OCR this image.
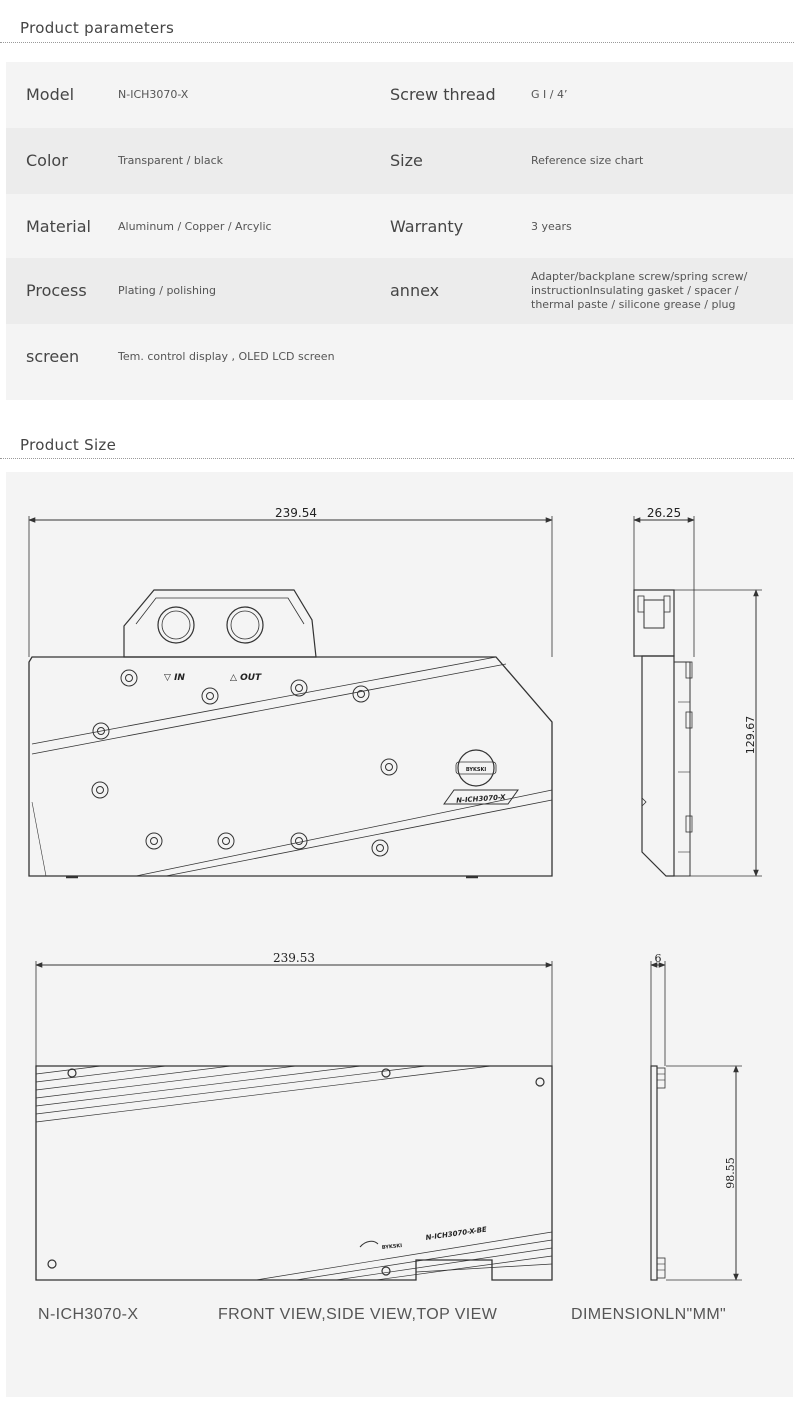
Product parameters
Model	N-ICH3070-X	Screw thread	G I / 4’
Color	Transparent / black	Size	Reference size chart
Material Aluminum / Copper / Arcylic	Warranty	3 years
Process	Plating / polishing	annex
Adapter/backplane screw/spring screw/ instructionInsulating gasket / spacer / thermal paste / silicone grease / plug
screen	Tem. control display , OLED LCD screen
Product Size
239.54	26.25
129.67
239.53	6
98.55
▽ IN	△ OUT
BYKSKI
N-ICH3070-X
BYKSKI
N-ICH3070-X-BE
N-ICH3070-X	FRONT VIEW,SIDE VIEW,TOP VIEW	DIMENSIONLN"MM"
